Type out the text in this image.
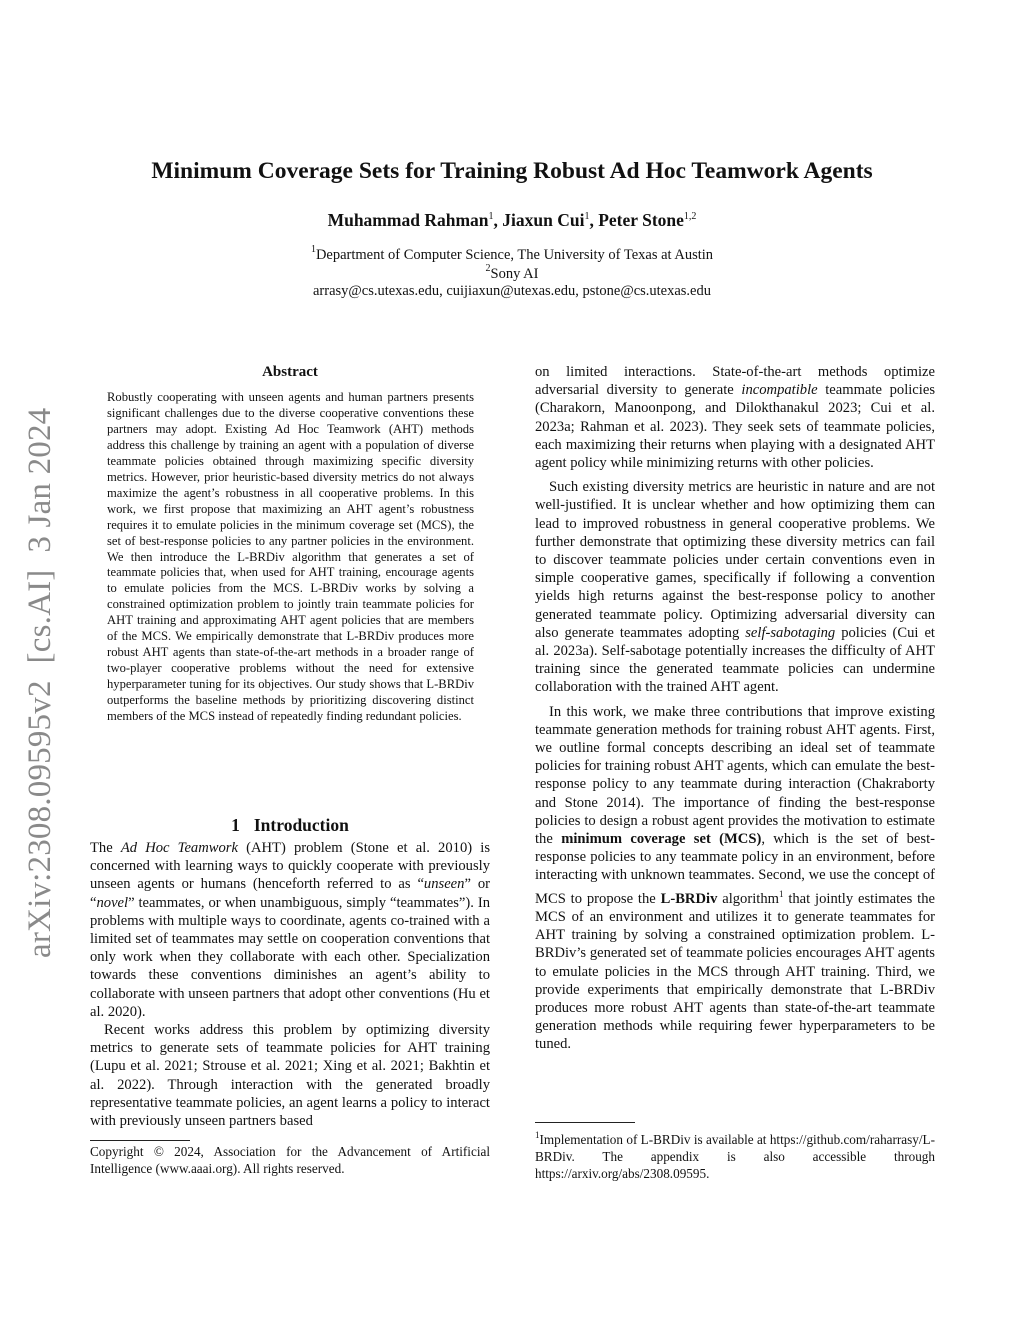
arXiv:2308.09595v2  [cs.AI]  3 Jan 2024
Minimum Coverage Sets for Training Robust Ad Hoc Teamwork Agents
Muhammad Rahman$^1$, Jiaxun Cui$^1$, Peter Stone$^{1,2}$
$^1$Department of Computer Science, The University of Texas at Austin
$^2$Sony AI
arrasy@cs.utexas.edu, cuijiaxun@utexas.edu, pstone@cs.utexas.edu
Abstract
Robustly cooperating with unseen agents and human partners presents significant challenges due to the diverse cooperative conventions these partners may adopt. Existing Ad Hoc Teamwork (AHT) methods address this challenge by training an agent with a population of diverse teammate policies obtained through maximizing specific diversity metrics. However, prior heuristic-based diversity metrics do not always maximize the agent’s robustness in all cooperative problems. In this work, we first propose that maximizing an AHT agent’s robustness requires it to emulate policies in the minimum coverage set (MCS), the set of best-response policies to any partner policies in the environment. We then introduce the L-BRDiv algorithm that generates a set of teammate policies that, when used for AHT training, encourage agents to emulate policies from the MCS. L-BRDiv works by solving a constrained optimization problem to jointly train teammate policies for AHT training and approximating AHT agent policies that are members of the MCS. We empirically demonstrate that L-BRDiv produces more robust AHT agents than state-of-the-art methods in a broader range of two-player cooperative problems without the need for extensive hyperparameter tuning for its objectives. Our study shows that L-BRDiv outperforms the baseline methods by prioritizing discovering distinct members of the MCS instead of repeatedly finding redundant policies.
1 Introduction

The Ad Hoc Teamwork (AHT) problem (Stone et al. 2010) is concerned with learning ways to quickly cooperate with previously unseen agents or humans (henceforth referred to as “unseen” or “novel” teammates, or when unambiguous, simply “teammates”). In problems with multiple ways to coordinate, agents co-trained with a limited set of teammates may settle on cooperation conventions that only work when they collaborate with each other. Specialization towards these conventions diminishes an agent’s ability to collaborate with unseen partners that adopt other conventions (Hu et al. 2020).

Recent works address this problem by optimizing diversity metrics to generate sets of teammate policies for AHT training (Lupu et al. 2021; Strouse et al. 2021; Xing et al. 2021; Bakhtin et al. 2022). Through interaction with the generated broadly representative teammate policies, an agent learns a policy to interact with previously unseen partners based

on limited interactions. State-of-the-art methods optimize adversarial diversity to generate incompatible teammate policies (Charakorn, Manoonpong, and Dilokthanakul 2023; Cui et al. 2023a; Rahman et al. 2023). They seek sets of teammate policies, each maximizing their returns when playing with a designated AHT agent policy while minimizing returns with other policies.

Such existing diversity metrics are heuristic in nature and are not well-justified. It is unclear whether and how optimizing them can lead to improved robustness in general cooperative problems. We further demonstrate that optimizing these diversity metrics can fail to discover teammate policies under certain conventions even in simple cooperative games, specifically if following a convention yields high returns against the best-response policy to another generated teammate policy. Optimizing adversarial diversity can also generate teammates adopting self-sabotaging policies (Cui et al. 2023a). Self-sabotage potentially increases the difficulty of AHT training since the generated teammate policies can undermine collaboration with the trained AHT agent.

In this work, we make three contributions that improve existing teammate generation methods for training robust AHT agents. First, we outline formal concepts describing an ideal set of teammate policies for training robust AHT agents, which can emulate the best-response policy to any teammate during interaction (Chakraborty and Stone 2014). The importance of finding the best-response policies to design a robust agent provides the motivation to estimate the minimum coverage set (MCS), which is the set of best-response policies to any teammate policy in an environment, before interacting with unknown teammates. Second, we use the concept of MCS to propose the L-BRDiv algorithm$^1$ that jointly estimates the MCS of an environment and utilizes it to generate teammates for AHT training by solving a constrained optimization problem. L-BRDiv’s generated set of teammate policies encourages AHT agents to emulate policies in the MCS through AHT training. Third, we provide experiments that empirically demonstrate that L-BRDiv produces more robust AHT agents than state-of-the-art teammate generation methods while requiring fewer hyperparameters to be tuned.

Copyright © 2024, Association for the Advancement of Artificial Intelligence (www.aaai.org). All rights reserved.
$^1$Implementation of L-BRDiv is available at https://github.com/raharrasy/L-BRDiv. The appendix is also accessible through https://arxiv.org/abs/2308.09595.
